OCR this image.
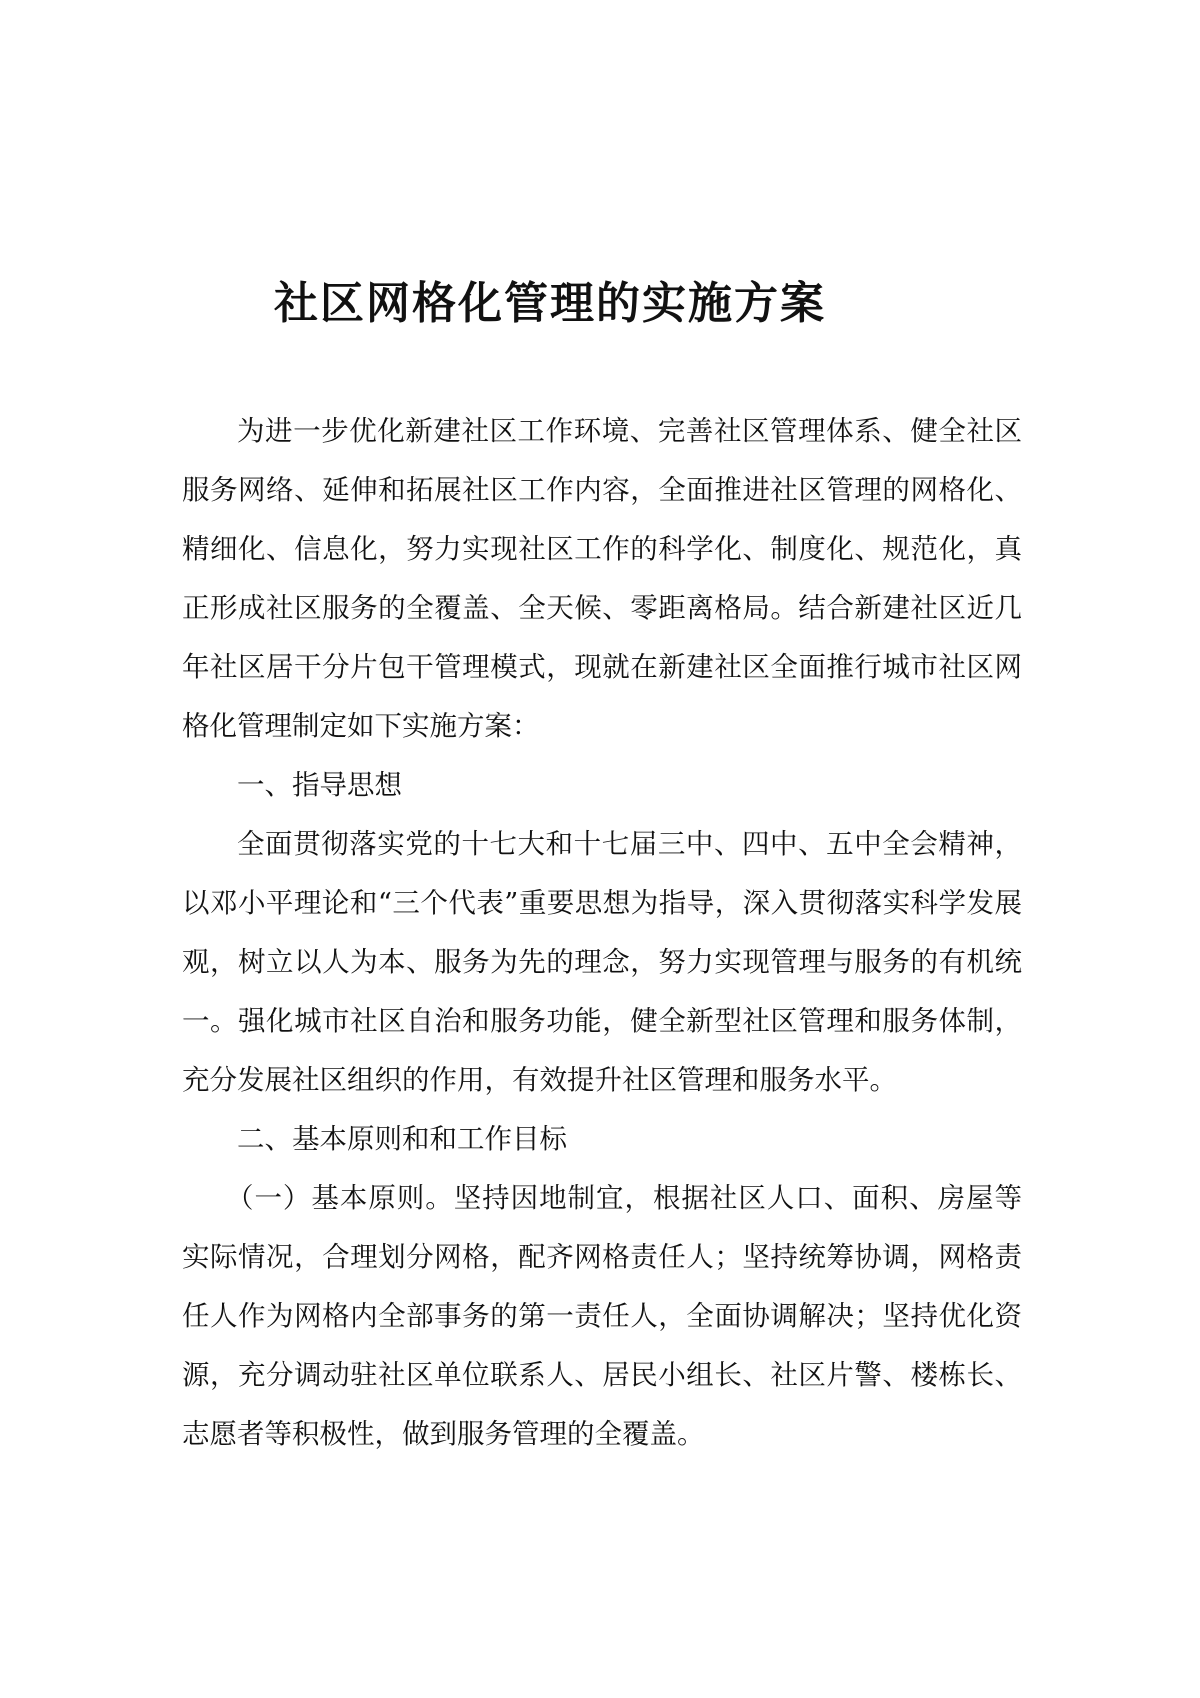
社区网格化管理的实施方案

为进一步优化新建社区工作环境、完善社区管理体系、健全社区服务网络、延伸和拓展社区工作内容，全面推进社区管理的网格化、精细化、信息化，努力实现社区工作的科学化、制度化、规范化，真正形成社区服务的全覆盖、全天候、零距离格局。结合新建社区近几年社区居干分片包干管理模式，现就在新建社区全面推行城市社区网格化管理制定如下实施方案：

一、指导思想

全面贯彻落实党的十七大和十七届三中、四中、五中全会精神，以邓小平理论和“三个代表”重要思想为指导，深入贯彻落实科学发展观，树立以人为本、服务为先的理念，努力实现管理与服务的有机统一。强化城市社区自治和服务功能，健全新型社区管理和服务体制，充分发展社区组织的作用，有效提升社区管理和服务水平。

二、基本原则和和工作目标

（一）基本原则。坚持因地制宜，根据社区人口、面积、房屋等实际情况，合理划分网格，配齐网格责任人；坚持统筹协调，网格责任人作为网格内全部事务的第一责任人，全面协调解决；坚持优化资源，充分调动驻社区单位联系人、居民小组长、社区片警、楼栋长、志愿者等积极性，做到服务管理的全覆盖。
